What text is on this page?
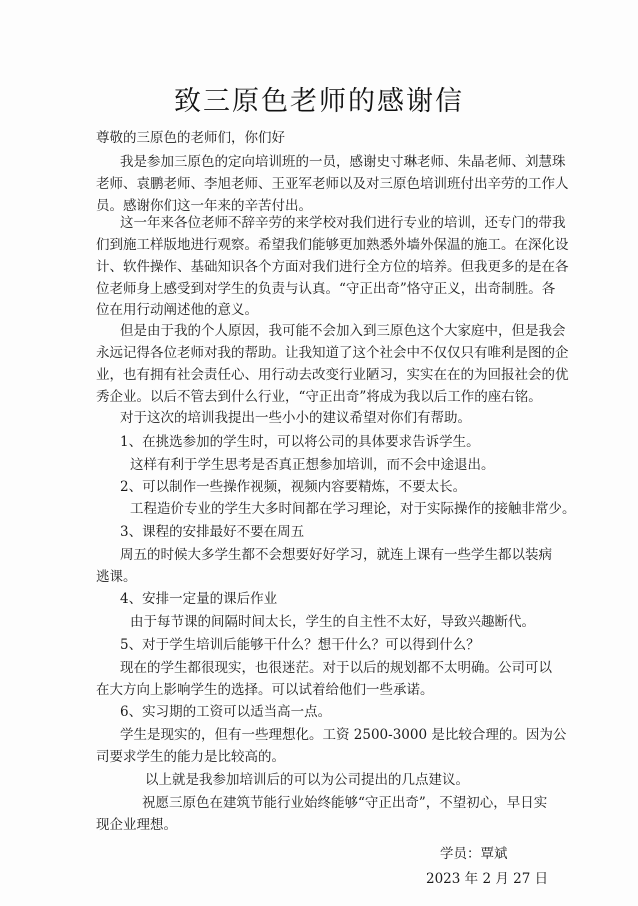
致三原色老师的感谢信
尊敬的三原色的老师们，你们好
我是参加三原色的定向培训班的一员，感谢史寸琳老师、朱晶老师、刘慧珠
老师、袁鹏老师、李旭老师、王亚军老师以及对三原色培训班付出辛劳的工作人
员。感谢你们这一年来的辛苦付出。
这一年来各位老师不辞辛劳的来学校对我们进行专业的培训，还专门的带我
们到施工样版地进行观察。希望我们能够更加熟悉外墙外保温的施工。在深化设
计、软件操作、基础知识各个方面对我们进行全方位的培养。但我更多的是在各
位老师身上感受到对学生的负责与认真。“守正出奇”恪守正义，出奇制胜。各
位在用行动阐述他的意义。
但是由于我的个人原因，我可能不会加入到三原色这个大家庭中，但是我会
永远记得各位老师对我的帮助。让我知道了这个社会中不仅仅只有唯利是图的企
业，也有拥有社会责任心、用行动去改变行业陋习，实实在在的为回报社会的优
秀企业。以后不管去到什么行业，“守正出奇”将成为我以后工作的座右铭。
对于这次的培训我提出一些小小的建议希望对你们有帮助。
1、在挑选参加的学生时，可以将公司的具体要求告诉学生。
这样有利于学生思考是否真正想参加培训，而不会中途退出。
2、可以制作一些操作视频，视频内容要精炼，不要太长。
工程造价专业的学生大多时间都在学习理论，对于实际操作的接触非常少。
3、课程的安排最好不要在周五
周五的时候大多学生都不会想要好好学习，就连上课有一些学生都以装病
逃课。
4、安排一定量的课后作业
由于每节课的间隔时间太长，学生的自主性不太好，导致兴趣断代。
5、对于学生培训后能够干什么？想干什么？可以得到什么？
现在的学生都很现实，也很迷茫。对于以后的规划都不太明确。公司可以
在大方向上影响学生的选择。可以试着给他们一些承诺。
6、实习期的工资可以适当高一点。
学生是现实的，但有一些理想化。工资 2500-3000 是比较合理的。因为公
司要求学生的能力是比较高的。
以上就是我参加培训后的可以为公司提出的几点建议。
祝愿三原色在建筑节能行业始终能够“守正出奇”，不望初心，早日实
现企业理想。
学员：覃斌
2023 年 2 月 27 日
